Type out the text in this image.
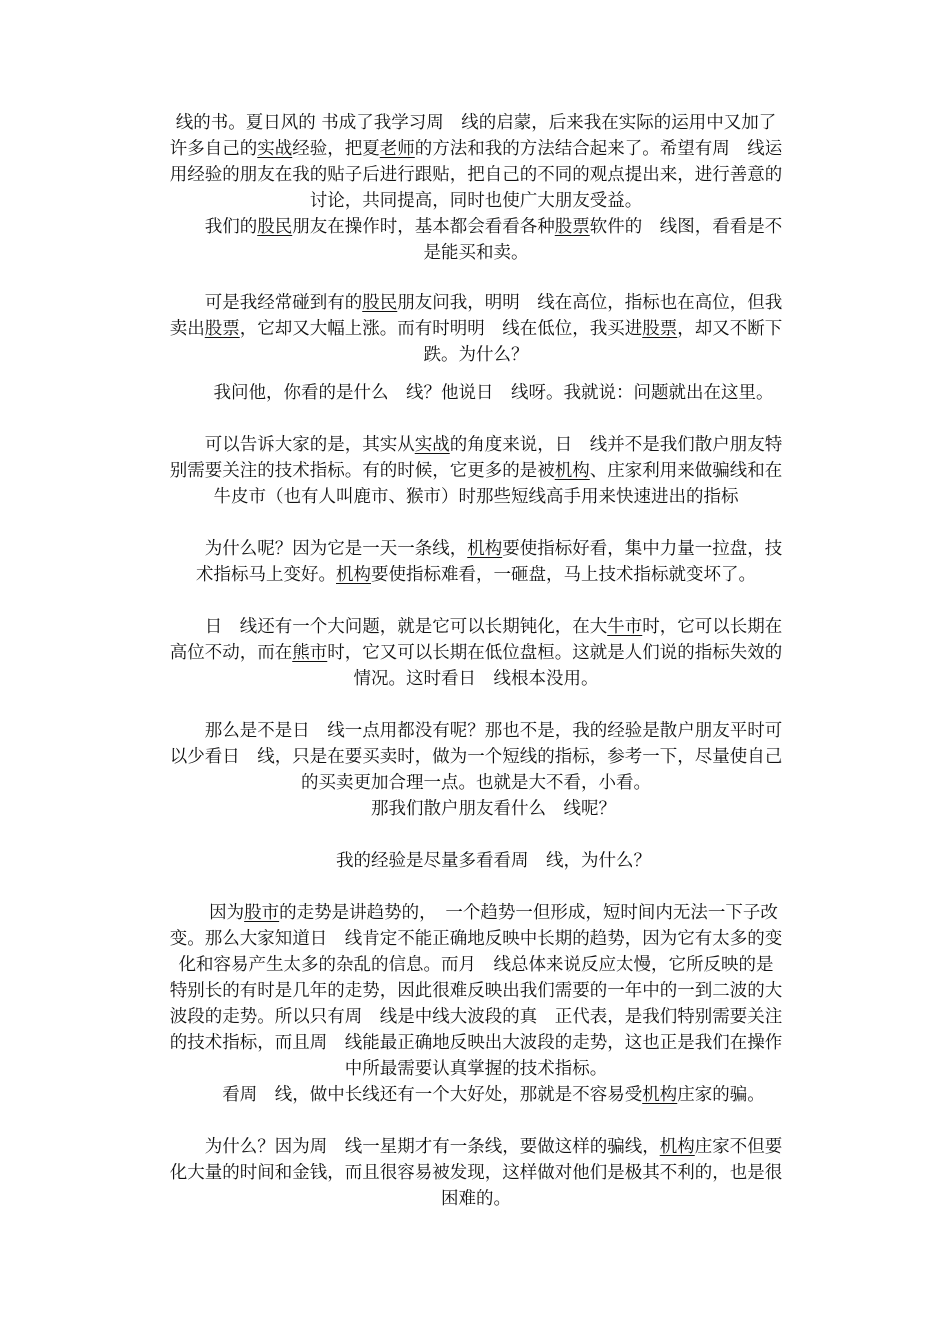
线的书。夏日风的 书成了我学习周　线的启蒙，后来我在实际的运用中又加了
许多自己的实战经验，把夏老师的方法和我的方法结合起来了。希望有周　线运
用经验的朋友在我的贴子后进行跟贴，把自己的不同的观点提出来，进行善意的
讨论，共同提高，同时也使广大朋友受益。
　　我们的股民朋友在操作时，基本都会看看各种股票软件的　线图，看看是不
是能买和卖。
　　可是我经常碰到有的股民朋友问我，明明　线在高位，指标也在高位，但我
卖出股票，它却又大幅上涨。而有时明明　线在低位，我买进股票，却又不断下
跌。为什么？
　　我问他，你看的是什么　线？他说日　线呀。我就说：问题就出在这里。
　　可以告诉大家的是，其实从实战的角度来说，日　线并不是我们散户朋友特
别需要关注的技术指标。有的时候，它更多的是被机构、庄家利用来做骗线和在
牛皮市（也有人叫鹿市、猴市）时那些短线高手用来快速进出的指标
　　为什么呢？因为它是一天一条线，机构要使指标好看，集中力量一拉盘，技
术指标马上变好。机构要使指标难看，一砸盘，马上技术指标就变坏了。
　　日　线还有一个大问题，就是它可以长期钝化，在大牛市时，它可以长期在
高位不动，而在熊市时，它又可以长期在低位盘桓。这就是人们说的指标失效的
情况。这时看日　线根本没用。
　　那么是不是日　线一点用都没有呢？那也不是，我的经验是散户朋友平时可
以少看日　线，只是在要买卖时，做为一个短线的指标，参考一下，尽量使自己
的买卖更加合理一点。也就是大不看，小看。
　　那我们散户朋友看什么　线呢？
　　我的经验是尽量多看看周　线，为什么？
　　因为股市的走势是讲趋势的，　一个趋势一但形成，短时间内无法一下子改
变。那么大家知道日　线肯定不能正确地反映中长期的趋势，因为它有太多的变
化和容易产生太多的杂乱的信息。而月　线总体来说反应太慢，它所反映的是
特别长的有时是几年的走势，因此很难反映出我们需要的一年中的一到二波的大
波段的走势。所以只有周　线是中线大波段的真　正代表，是我们特别需要关注
的技术指标，而且周　线能最正确地反映出大波段的走势，这也正是我们在操作
中所最需要认真掌握的技术指标。
　　看周　线，做中长线还有一个大好处，那就是不容易受机构庄家的骗。
　　为什么？因为周　线一星期才有一条线，要做这样的骗线，机构庄家不但要
化大量的时间和金钱，而且很容易被发现，这样做对他们是极其不利的，也是很
困难的。
